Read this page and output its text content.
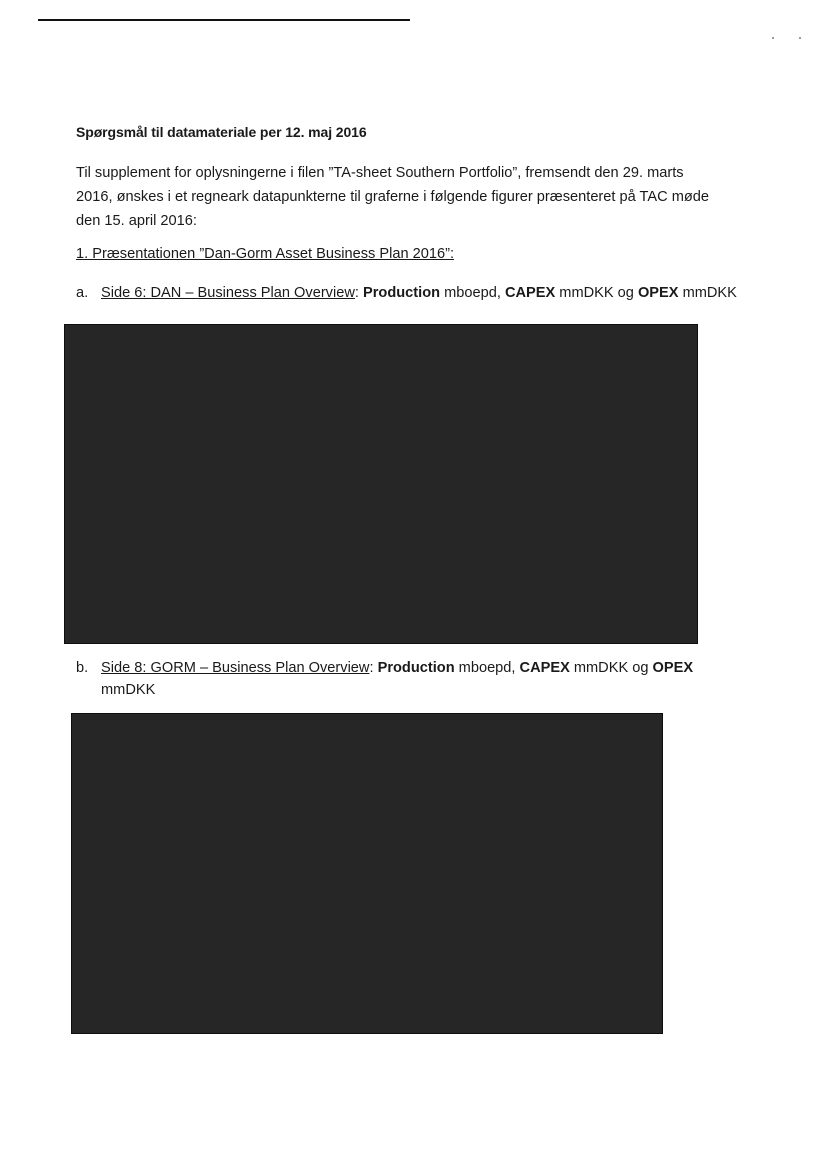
Spørgsmål til datamateriale per 12. maj 2016
Til supplement for oplysningerne i filen ”TA-sheet Southern Portfolio”, fremsendt den 29. marts
2016, ønskes i et regneark datapunkterne til graferne i følgende figurer præsenteret på TAC møde
den 15. april 2016:
1. Præsentationen ”Dan-Gorm Asset Business Plan 2016”:
a. Side 6: DAN – Business Plan Overview: Production mboepd, CAPEX mmDKK og OPEX mmDKK
b. Side 8: GORM – Business Plan Overview: Production mboepd, CAPEX mmDKK og OPEX
mmDKK
